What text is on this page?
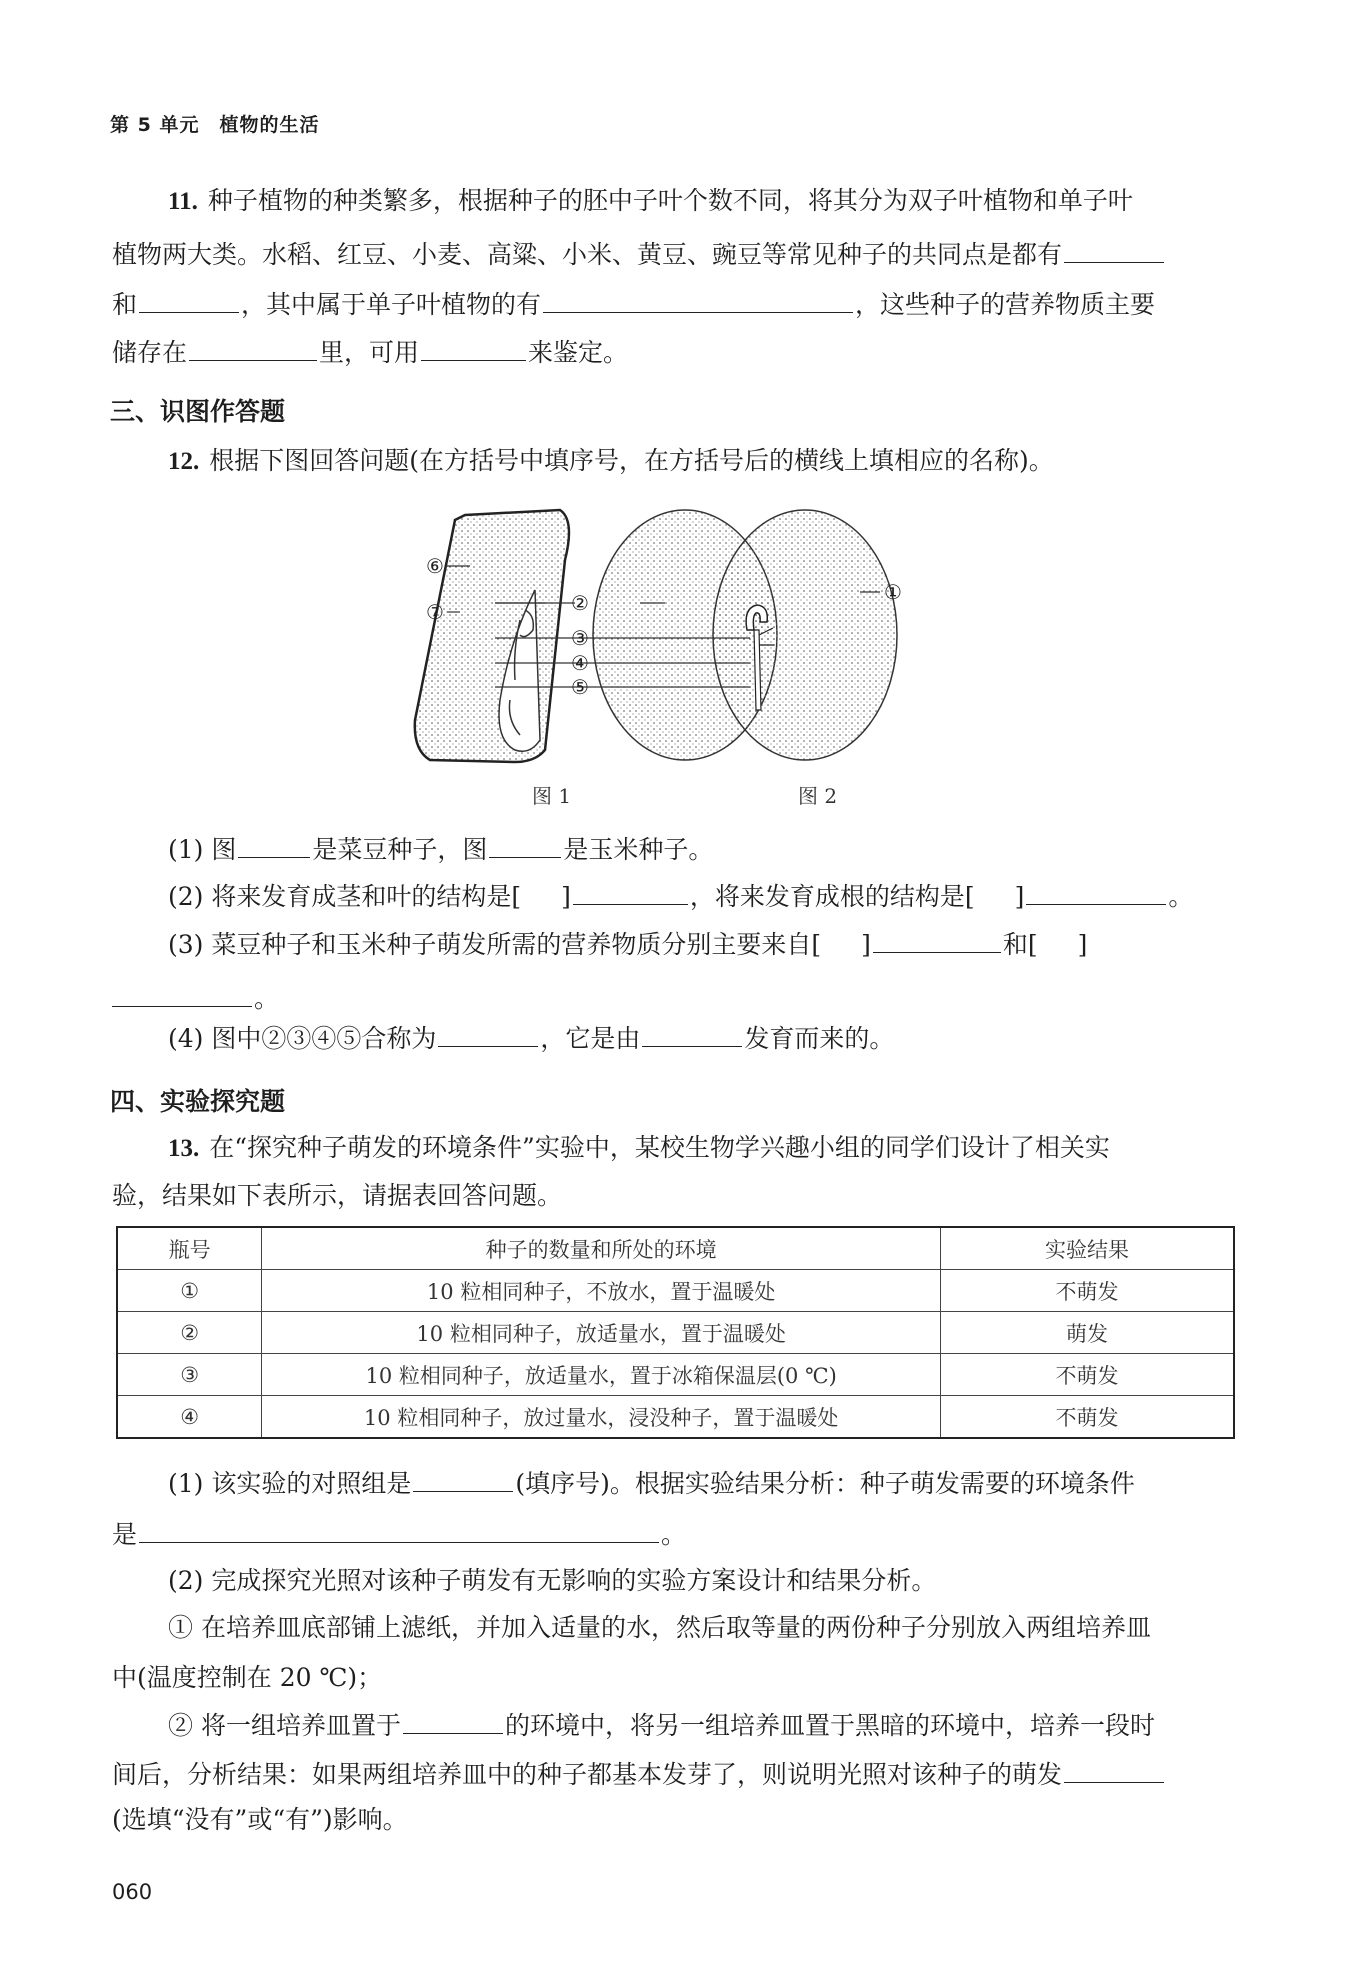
第 5 单元　植物的生活
11. 种子植物的种类繁多，根据种子的胚中子叶个数不同，将其分为双子叶植物和单子叶
植物两大类。水稻、红豆、小麦、高粱、小米、黄豆、豌豆等常见种子的共同点是都有
和	，其中属于单子叶植物的有	，这些种子的营养物质主要
储存在	里，可用	来鉴定。
三、识图作答题
12. 根据下图回答问题(在方括号中填序号，在方括号后的横线上填相应的名称)。
⑥
⑦	②
③
④
⑤
①
图 1	图 2
(1) 图	是菜豆种子，图	是玉米种子。
(2) 将来发育成茎和叶的结构是[ ]	，将来发育成根的结构是[ ]	。
(3) 菜豆种子和玉米种子萌发所需的营养物质分别主要来自[ ]	和[ ]
。
(4) 图中②③④⑤合称为	，它是由	发育而来的。
四、实验探究题
13. 在“探究种子萌发的环境条件”实验中，某校生物学兴趣小组的同学们设计了相关实
验，结果如下表所示，请据表回答问题。
瓶号	种子的数量和所处的环境	实验结果
①	10 粒相同种子，不放水，置于温暖处	不萌发
②	10 粒相同种子，放适量水，置于温暖处	萌发
③	10 粒相同种子，放适量水，置于冰箱保温层(0 ℃)	不萌发
④	10 粒相同种子，放过量水，浸没种子，置于温暖处	不萌发
(1) 该实验的对照组是	(填序号)。根据实验结果分析：种子萌发需要的环境条件
是	。
(2) 完成探究光照对该种子萌发有无影响的实验方案设计和结果分析。
① 在培养皿底部铺上滤纸，并加入适量的水，然后取等量的两份种子分别放入两组培养皿
中(温度控制在 20 ℃)；
② 将一组培养皿置于	的环境中，将另一组培养皿置于黑暗的环境中，培养一段时
间后，分析结果：如果两组培养皿中的种子都基本发芽了，则说明光照对该种子的萌发
(选填“没有”或“有”)影响。
060
